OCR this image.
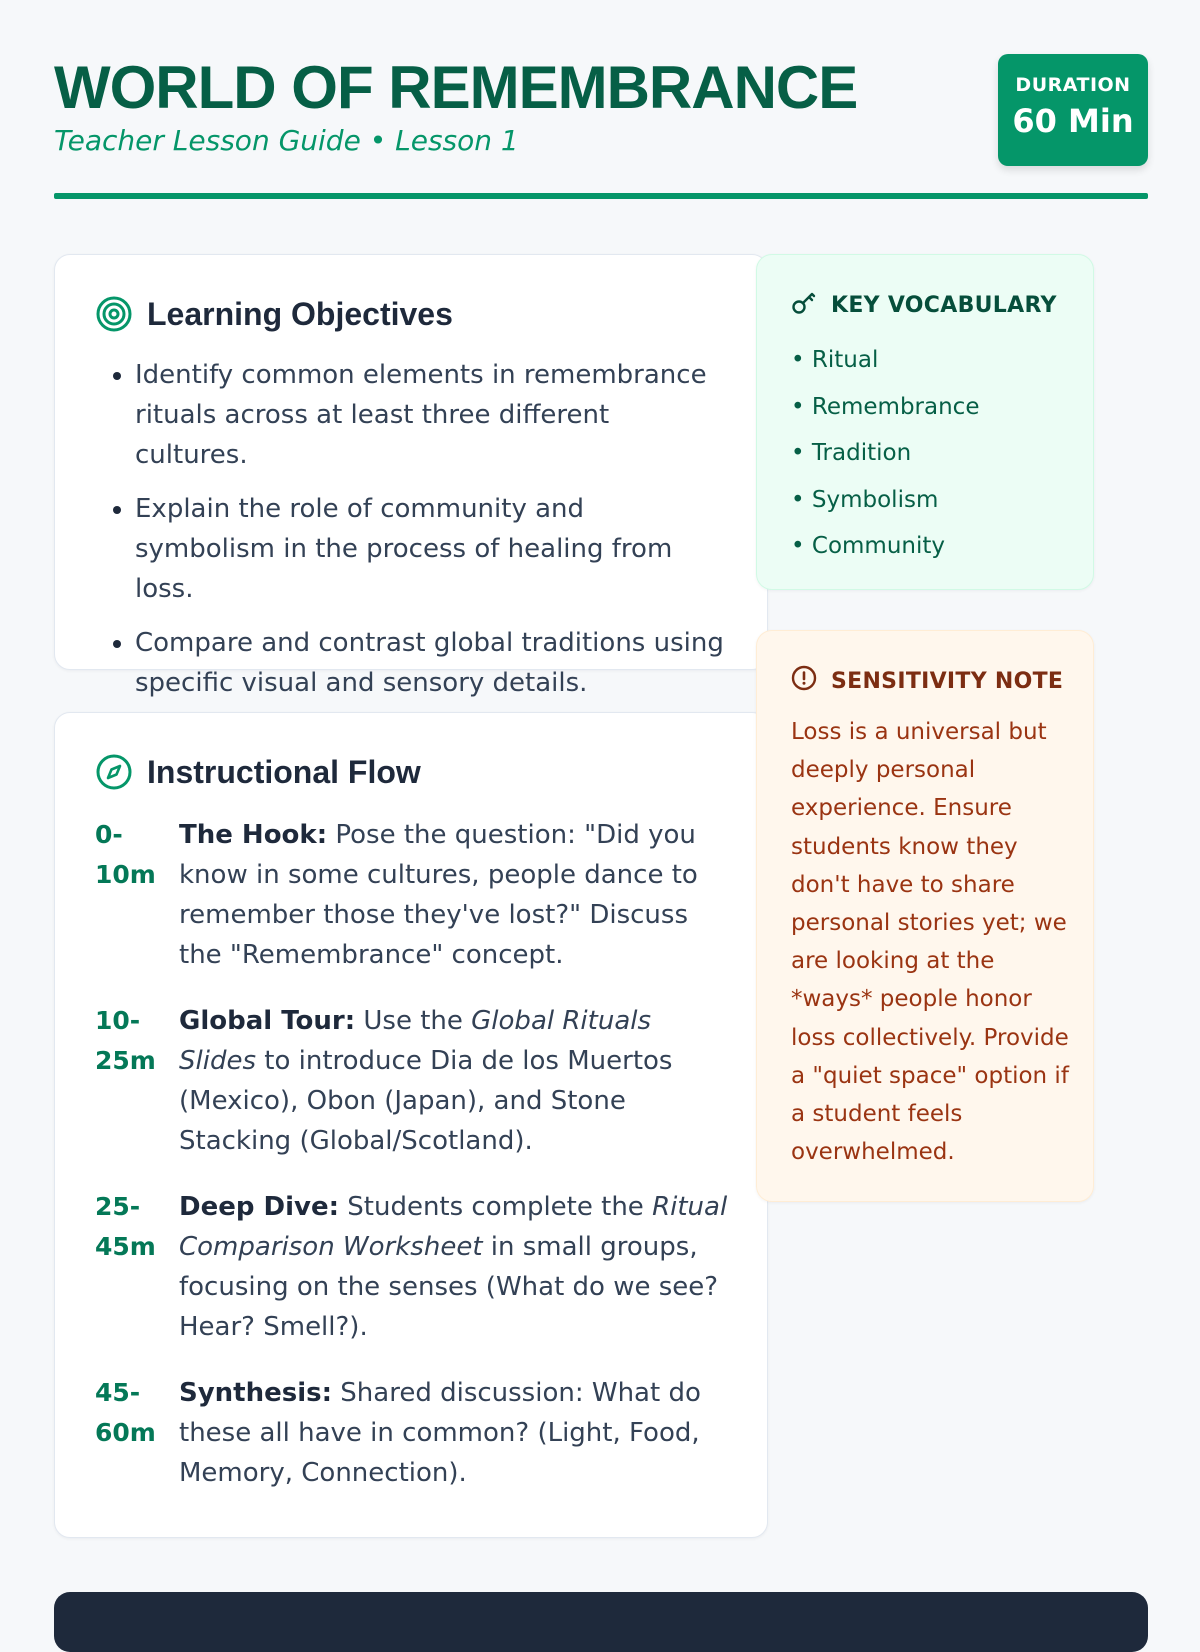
WORLD OF REMEMBRANCE

Teacher Lesson Guide • Lesson 1

DURATION
60 Min
Learning Objectives
• Identify common elements in remembrance rituals across at least three different cultures.
• Explain the role of community and symbolism in the process of healing from loss.
• Compare and contrast global traditions using specific visual and sensory details.
Instructional Flow
0-
10m
The Hook: Pose the question: "Did you know in some cultures, people dance to remember those they've lost?" Discuss the "Remembrance" concept.
10-
25m
Global Tour: Use the Global Rituals Slides to introduce Dia de los Muertos (Mexico), Obon (Japan), and Stone Stacking (Global/Scotland).
25-
45m
Deep Dive: Students complete the Ritual Comparison Worksheet in small groups, focusing on the senses (What do we see? Hear? Smell?).
45-
60m
Synthesis: Shared discussion: What do these all have in common? (Light, Food, Memory, Connection).
KEY VOCABULARY
• Ritual
• Remembrance
• Tradition
• Symbolism
• Community
SENSITIVITY NOTE

Loss is a universal but deeply personal experience. Ensure students know they don't have to share personal stories yet; we are looking at the *ways* people honor loss collectively. Provide a "quiet space" option if a student feels overwhelmed.
